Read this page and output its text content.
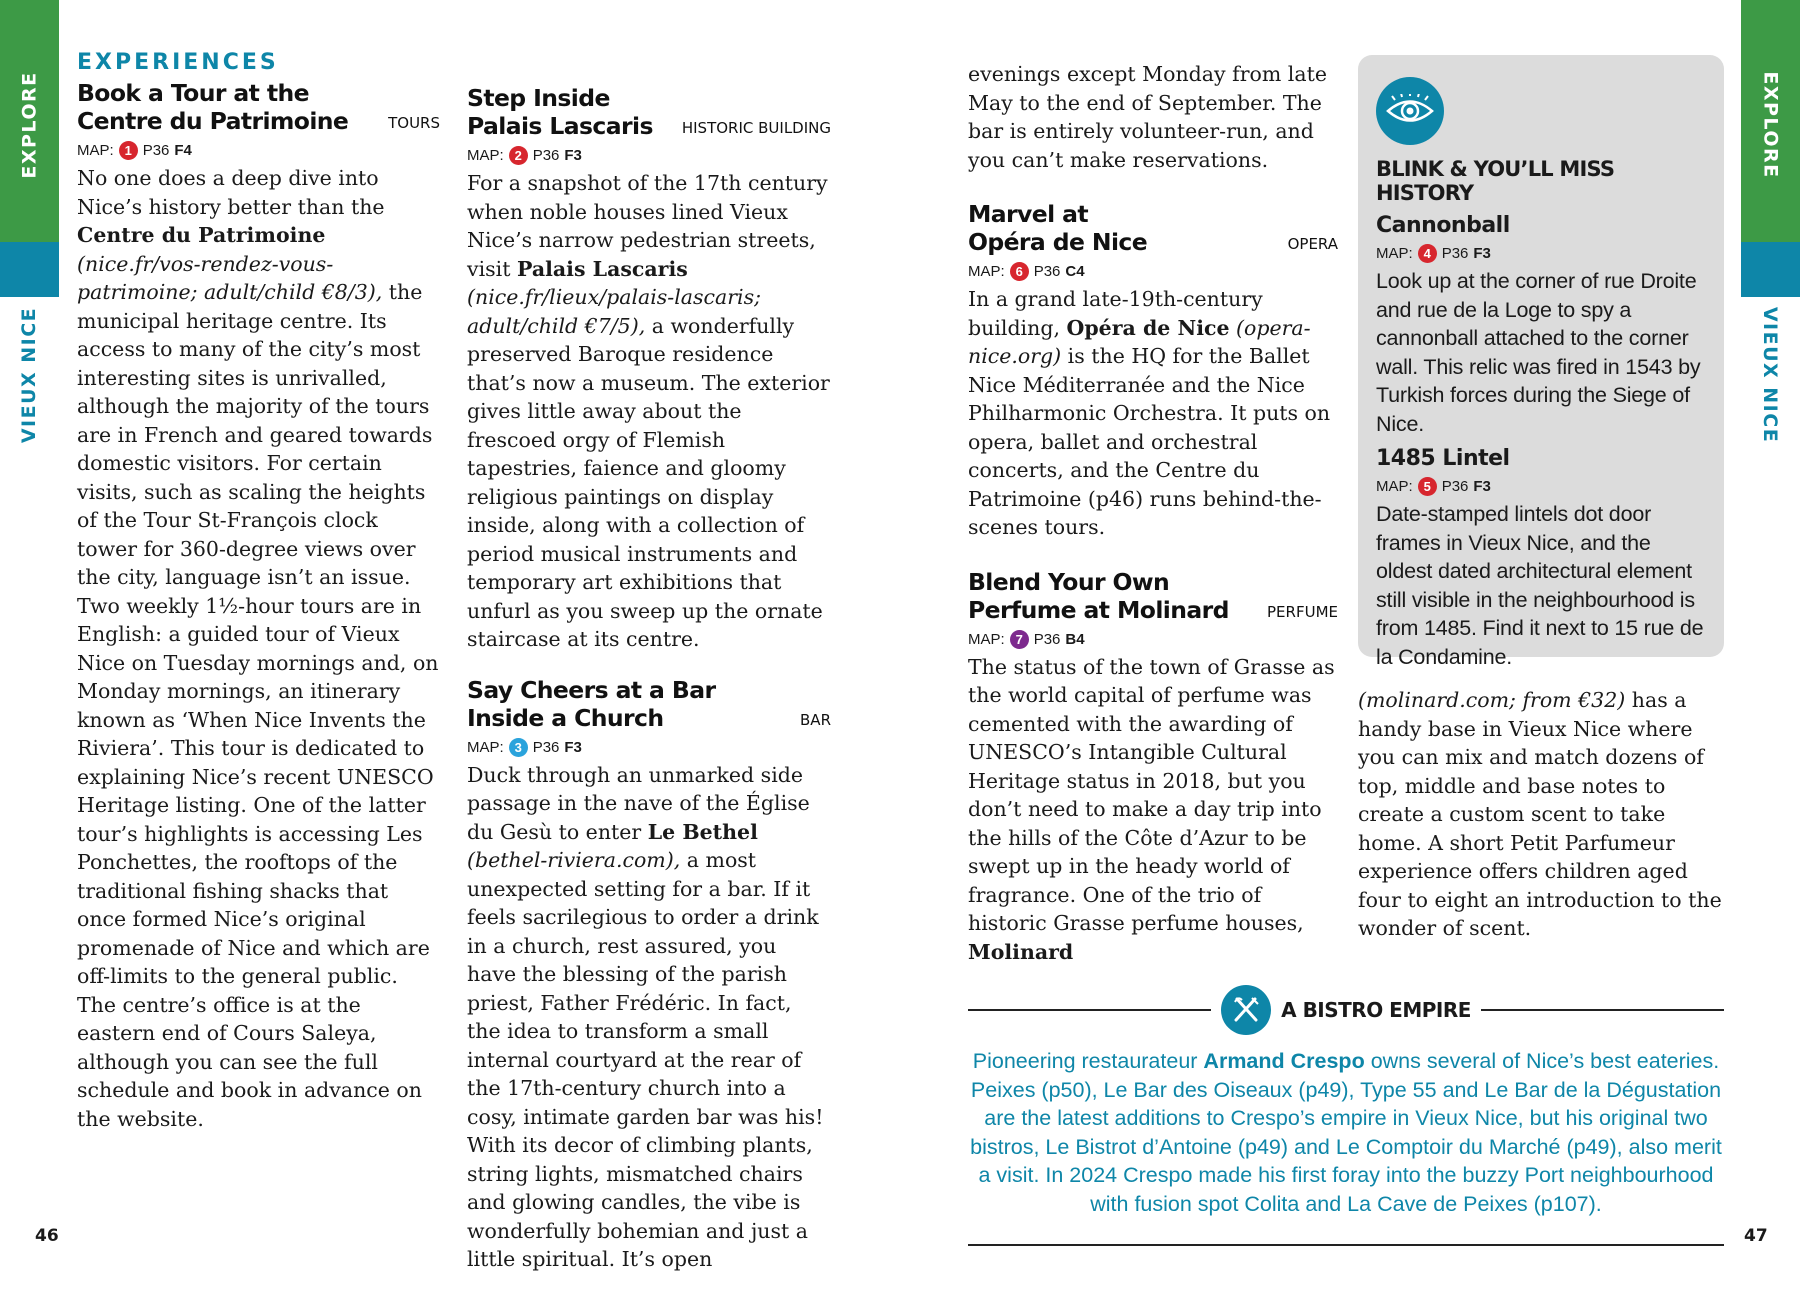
EXPLORE
VIEUX NICE
EXPLORE
VIEUX NICE
EXPERIENCES
Book a Tour at the
Centre du Patrimoine	TOURS
MAP: 1 P36 F4

No one does a deep dive into Nice’s history better than the Centre du Patrimoine (nice.fr/vos-rendez-vous-patrimoine; adult/child €8/3), the municipal heritage centre. Its access to many of the city’s most interesting sites is unrivalled, although the majority of the tours are in French and geared towards domestic visitors. For certain visits, such as scaling the heights of the Tour St-François clock tower for 360-degree views over the city, language isn’t an issue. Two weekly 1½-hour tours are in English: a guided tour of Vieux Nice on Tuesday mornings and, on Monday mornings, an itinerary known as ‘When Nice Invents the Riviera’. This tour is dedicated to explaining Nice’s recent UNESCO Heritage listing. One of the latter tour’s highlights is accessing Les Ponchettes, the rooftops of the traditional fishing shacks that once formed Nice’s original promenade of Nice and which are off-limits to the general public. The centre’s office is at the eastern end of Cours Saleya, although you can see the full schedule and book in advance on the website.

Step Inside
Palais Lascaris HISTORIC BUILDING
MAP: 2 P36 F3

For a snapshot of the 17th century when noble houses lined Vieux Nice’s narrow pedestrian streets, visit Palais Lascaris (nice.fr/lieux/palais-lascaris; adult/child €7/5), a wonderfully preserved Baroque residence that’s now a museum. The exterior gives little away about the frescoed orgy of Flemish tapestries, faience and gloomy religious paintings on display inside, along with a collection of period musical instruments and temporary art exhibitions that unfurl as you sweep up the ornate staircase at its centre.

Say Cheers at a Bar
Inside a Church	BAR
MAP: 3 P36 F3

Duck through an unmarked side passage in the nave of the Église du Gesù to enter Le Bethel (bethel-riviera.com), a most unexpected setting for a bar. If it feels sacrilegious to order a drink in a church, rest assured, you have the blessing of the parish priest, Father Frédéric. In fact, the idea to transform a small internal courtyard at the rear of the 17th-century church into a cosy, intimate garden bar was his! With its decor of climbing plants, string lights, mismatched chairs and glowing candles, the vibe is wonderfully bohemian and just a little spiritual. It’s open

evenings except Monday from late May to the end of September. The bar is entirely volunteer-run, and you can’t make reservations.

Marvel at
Opéra de Nice	OPERA
MAP: 6 P36 C4

In a grand late-19th-century building, Opéra de Nice (opera-nice.org) is the HQ for the Ballet Nice Méditerranée and the Nice Philharmonic Orchestra. It puts on opera, ballet and orchestral concerts, and the Centre du Patrimoine (p46) runs behind-the-scenes tours.

Blend Your Own
Perfume at Molinard	PERFUME
MAP: 7 P36 B4

The status of the town of Grasse as the world capital of perfume was cemented with the awarding of UNESCO’s Intangible Cultural Heritage status in 2018, but you don’t need to make a day trip into the hills of the Côte d’Azur to be swept up in the heady world of fragrance. One of the trio of historic Grasse perfume houses, Molinard

BLINK & YOU’LL MISS HISTORY
Cannonball
MAP: 4 P36 F3
Look up at the corner of rue Droite and rue de la Loge to spy a cannonball attached to the corner wall. This relic was fired in 1543 by Turkish forces during the Siege of Nice.
1485 Lintel
MAP: 5 P36 F3
Date-stamped lintels dot door frames in Vieux Nice, and the oldest dated architectural element still visible in the neighbourhood is from 1485. Find it next to 15 rue de la Condamine.

(molinard.com; from €32) has a handy base in Vieux Nice where you can mix and match dozens of top, middle and base notes to create a custom scent to take home. A short Petit Parfumeur experience offers children aged four to eight an introduction to the wonder of scent.

A BISTRO EMPIRE
Pioneering restaurateur Armand Crespo owns several of Nice’s best eateries. Peixes (p50), Le Bar des Oiseaux (p49), Type 55 and Le Bar de la Dégustation are the latest additions to Crespo’s empire in Vieux Nice, but his original two bistros, Le Bistrot d’Antoine (p49) and Le Comptoir du Marché (p49), also merit a visit. In 2024 Crespo made his first foray into the buzzy Port neighbourhood with fusion spot Colita and La Cave de Peixes (p107).
46	47
